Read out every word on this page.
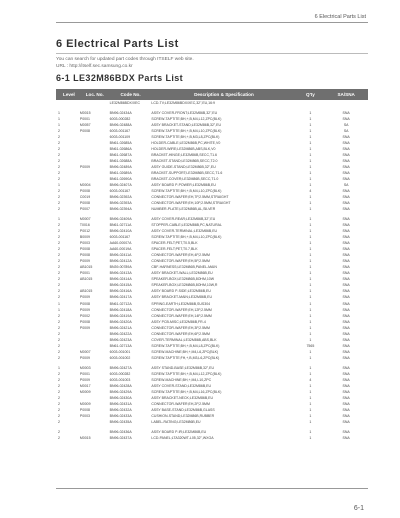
6 Electrical Parts List
6 Electrical Parts List
You can search for updated part codes through ITSELF web site.
URL : http://itself.sec.samsung.co.kr
6-1 LE32M86BDX Parts List
Level	Loc. No.	Code No.	Description & Specification	Q'ty	SA/SNA
LE32M86BDX/XEC	LCD-TV;LE32M86BDX/XEC,32",EU,16:9
1	M0015	BN96-02434A	ASSY COVER-FRONT;LE32M86B,32",EU	1	SNA
1	P0001	6003-000282	SCREW-TAPTITE;BH,+,B,M4,L12,ZPC(BLK)	1	SNA
1	M0057	BN96-02488A	ASSY BRACKET-STAND;LE32M86B,32",EU	1	SA
2	P0008	6003-001167	SCREW-TAPTITE;BH,+,B,M4,L10,ZPC(BLK)	1	SA
2	6003-001109	SCREW-TAPTITE;BH,+,B,M3,L8,ZPC(BLK)	1	SNA
2	BN61-02685A	HOLDER-CABLE;LE32M86B,PC,WHITE,V0	1	SNA
2	BN61-02686A	HOLDER-WIRE;LE32M86B,ABS,BLK,V0	1	SNA
2	BN61-02687A	BRACKET-HINGE;LE32M86B,SECC,T1.6	1	SNA
2	BN61-02688A	BRACKET-STAND;LE32M86B,SECC,T2.0	1	SNA
2	P0009	BN96-02489A	ASSY GUIDE-STAND;LE32M86B,32",EU	1	SNA
2	BN61-02689A	BRACKET-SUPPORT;LE32M86B,SECC,T1.6	1	SNA
2	BN61-02690A	BRACKET-COVER;LE32M86B,SECC,T1.0	1	SNA
1	M0004	BN96-02407A	ASSY BOARD P-POWER;LE32M86B,EU	1	SA
2	P0008	6003-001167	SCREW-TAPTITE;BH,+,B,M4,L10,ZPC(BLK)	4	SNA
2	C0019	BN96-02392A	CONNECTOR-WAFER;EH,7P,2.5MM,STRAIGHT	1	SNA
2	P0008	BN96-02393A	CONNECTOR-WAFER;EH,10P,2.5MM,STRAIGHT	1	SNA
2	P0007	BN96-02394A	NUMBER-PLATE;LE32M86B,AL,SILVER	1	SNA
1	M0007	BN96-02409A	ASSY COVER-REAR;LE32M86B,32",EU	1	SNA
2	T0016	BN61-02711A	STOPPER-CABLE;LE32M86B,PC,NATURAL	1	SNA
2	P0012	BN96-02410A	ASSY COVER-TERMINAL;LE32M86B,EU	1	SNA
2	B0009	6003-001167	SCREW-TAPTITE;BH,+,B,M4,L10,ZPC(BLK)	1	SNA
2	P0003	AA60-00007A	SPACER-FELT;PET,T0.5,BLK	1	SNA
2	P0008	AA60-00019A	SPACER-FELT;PET,T0.7,BLK	1	SNA
2	P0008	BN96-02411A	CONNECTOR-WAFER;EH,4P,2.5MM	1	SNA
2	P0009	BN96-02412A	CONNECTOR-WAFER;EH,5P,2.5MM	1	SNA
2	AB1015	BN39-00789A	CBF-HARNESS;LE32M86B,PANEL-MAIN	1	SNA
2	P0001	BN96-02413A	ASSY BRACKET-WALL;LE32M86B,EU	1	SNA
2	AB1015	BN96-02414A	SPEAKER-BOX;LE32M86B,8OHM,10W	1	SNA
2	BN96-02415A	SPEAKER-BOX;LE32M86B,8OHM,10W,R	1	SNA
2	AB1015	BN96-02416A	ASSY BOARD P-SIDE;LE32M86B,EU	1	SNA
2	P0009	BN96-02417A	ASSY BRACKET-MAIN;LE32M86B,EU	1	SNA
1	P0008	BN61-02712A	SPRING-EARTH;LE32M86B,SUS304	1	SNA
1	P0009	BN96-02418A	CONNECTOR-WAFER;EH,12P,2.5MM	1	SNA
2	P0002	BN96-02419A	CONNECTOR-WAFER;EH,14P,2.5MM	1	SNA
2	P0008	BN96-02420A	ASSY PCB-MISC;LE32M86B,FR-4	1	SNA
2	P0009	BN96-02421A	CONNECTOR-WAFER;EH,3P,2.5MM	1	SNA
2	BN96-02422A	CONNECTOR-WAFER;EH,6P,2.5MM	1	SNA
2	BN96-02423A	COVER-TERMINAL;LE32M86B,ABS,BLK	1	SNA
2	BN61-02713A	SCREW-TAPTITE;BH,+,B,M4,L8,ZPC(BLK)	7565	SNA
2	M0007	6003-001001	SCREW-MACHINE;BH,+,M4,L6,ZPC(BLK)	1	SNA
2	P0009	6003-001002	SCREW-TAPTITE;FH,+,B,M3,L6,ZPC(BLK)	1	SNA
1	M0003	BN96-02427A	ASSY STAND-BASE;LE32M86B,32",EU	1	SNA
2	P0001	6003-000282	SCREW-TAPTITE;BH,+,B,M4,L12,ZPC(BLK)	1	SNA
2	P0009	6003-001003	SCREW-MACHINE;BH,+,M4,L10,ZPC	4	SNA
2	M0017	BN96-02428A	ASSY COVER-STAND;LE32M86B,EU	1	SNA
2	M0009	BN96-02429A	SCREW-TAPTITE;BH,+,B,M4,L16,ZPC(BLK)	1	SNA
2	BN96-02430A	ASSY BRACKET-NECK;LE32M86B,EU	1	SNA
2	M0009	BN96-02431A	CONNECTOR-WAFER;EH,2P,2.5MM	1	SNA
2	P0008	BN96-02432A	ASSY BASE-STAND;LE32M86B,GLASS	1	SNA
2	P0003	BN96-02433A	CUSHION-STAND;LE32M86B,RUBBER	1	SNA
2	BN96-02435A	LABEL-RATING;LE32M86B,EU	1	SNA
2	BN96-02436A	ASSY BOARD P-IR;LE32M86B,EU	1	SNA
2	M0015	BN96-02437A	LCD-PANEL;LTA320WT-L05,32",WXGA	1	SNA
6-1
